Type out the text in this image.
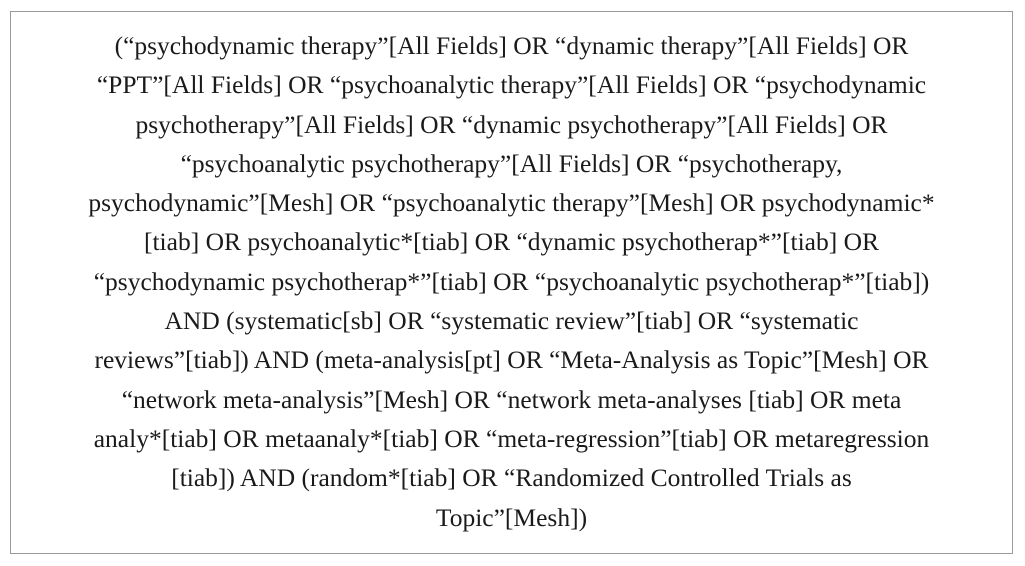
(“psychodynamic therapy”[All Fields] OR “dynamic therapy”[All Fields] OR
“PPT”[All Fields] OR “psychoanalytic therapy”[All Fields] OR “psychodynamic
psychotherapy”[All Fields] OR “dynamic psychotherapy”[All Fields] OR
“psychoanalytic psychotherapy”[All Fields] OR “psychotherapy,
psychodynamic”[Mesh] OR “psychoanalytic therapy”[Mesh] OR psychodynamic*
[tiab] OR psychoanalytic*[tiab] OR “dynamic psychotherap*”[tiab] OR
“psychodynamic psychotherap*”[tiab] OR “psychoanalytic psychotherap*”[tiab])
AND (systematic[sb] OR “systematic review”[tiab] OR “systematic
reviews”[tiab]) AND (meta-analysis[pt] OR “Meta-Analysis as Topic”[Mesh] OR
“network meta-analysis”[Mesh] OR “network meta-analyses [tiab] OR meta
analy*[tiab] OR metaanaly*[tiab] OR “meta-regression”[tiab] OR metaregression
[tiab]) AND (random*[tiab] OR “Randomized Controlled Trials as
Topic”[Mesh])
